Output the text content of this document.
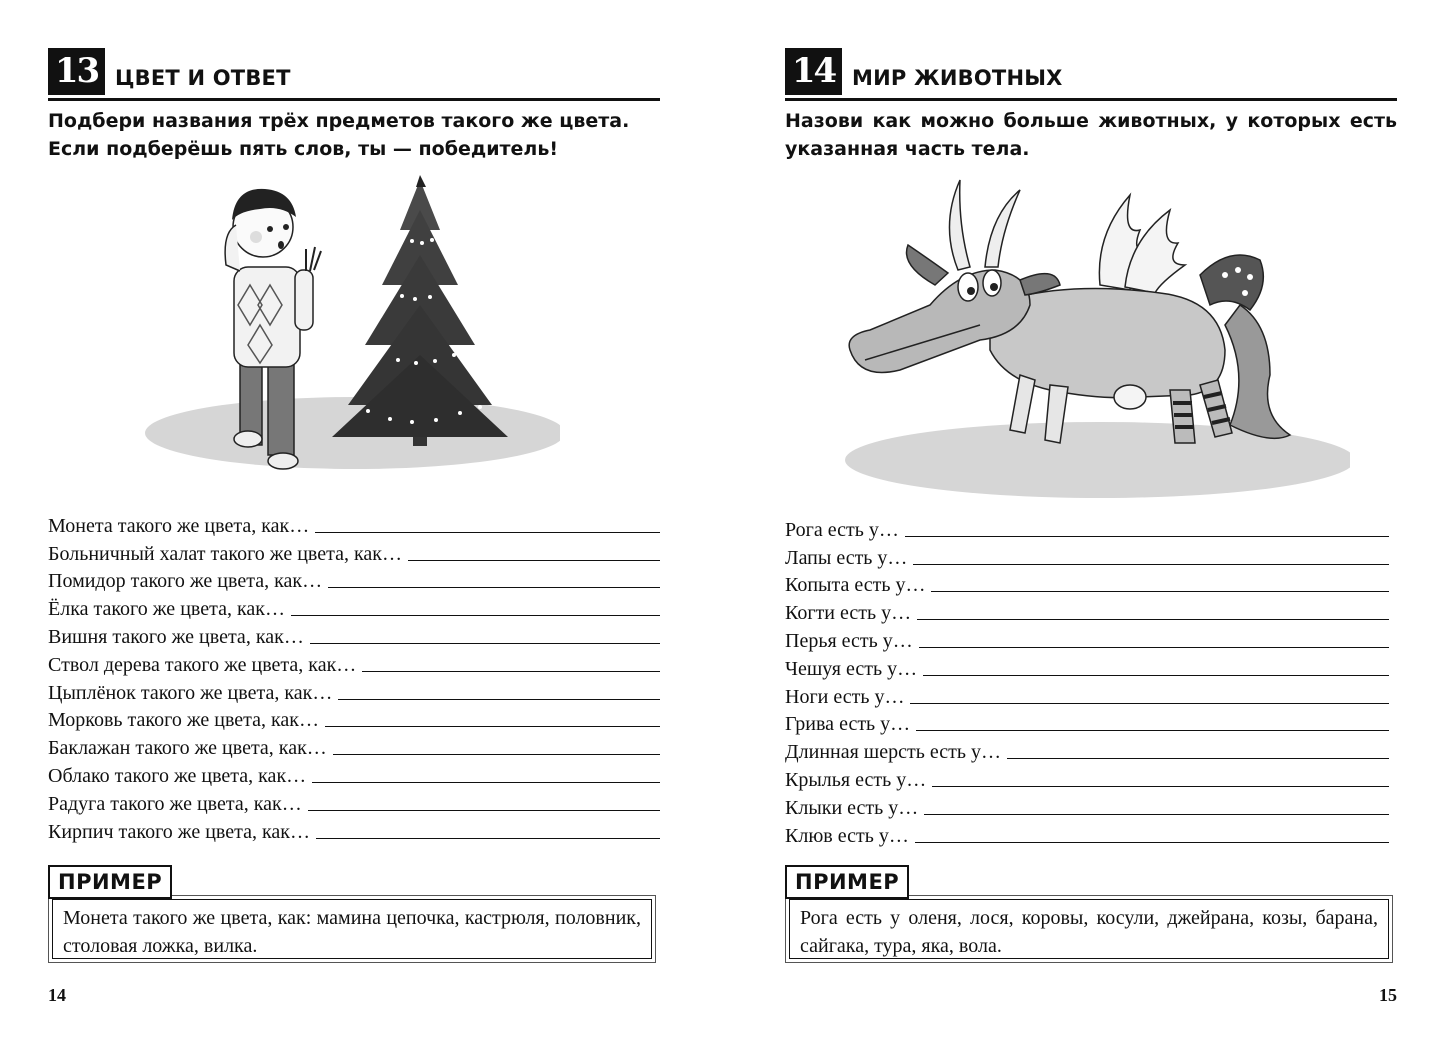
13 ЦВЕТ И ОТВЕТ
Подбери названия трёх предметов такого же цвета. Если подберёшь пять слов, ты — победитель!
Монета такого же цвета, как…
Больничный халат такого же цвета, как…
Помидор такого же цвета, как…
Ёлка такого же цвета, как…
Вишня такого же цвета, как…
Ствол дерева такого же цвета, как…
Цыплёнок такого же цвета, как…
Морковь такого же цвета, как…
Баклажан такого же цвета, как…
Облако такого же цвета, как…
Радуга такого же цвета, как…
Кирпич такого же цвета, как…
ПРИМЕР
Монета такого же цвета, как: мамина цепочка, кастрюля, половник, столовая ложка, вилка.
14
14 МИР ЖИВОТНЫХ
Назови как можно больше животных, у которых есть указанная часть тела.
Рога есть у…
Лапы есть у…
Копыта есть у…
Когти есть у…
Перья есть у…
Чешуя есть у…
Ноги есть у…
Грива есть у…
Длинная шерсть есть у…
Крылья есть у…
Клыки есть у…
Клюв есть у…
ПРИМЕР
Рога есть у оленя, лося, коровы, косули, джейрана, козы, барана, сайгака, тура, яка, вола.
15
